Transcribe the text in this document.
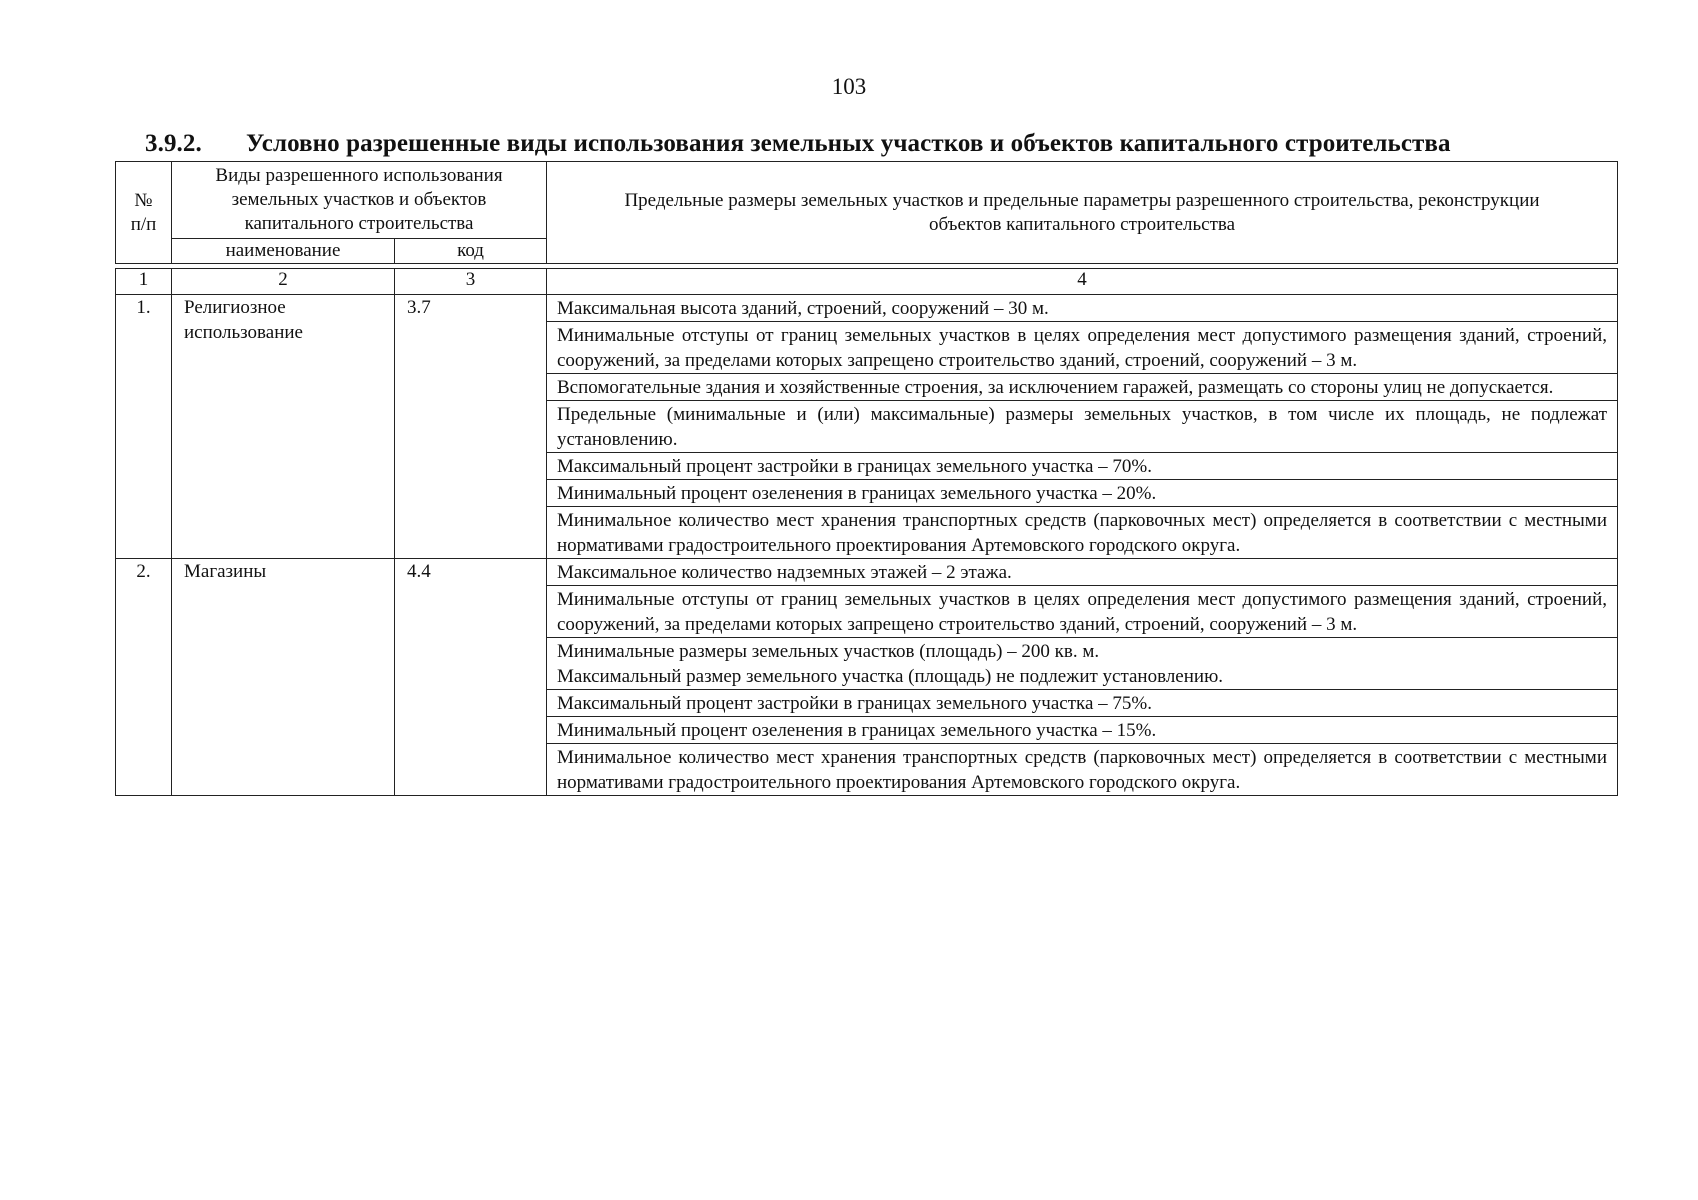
103
3.9.2. Условно разрешенные виды использования земельных участков и объектов капитального строительства
№ п/п	Виды разрешенного использования земельных участков и объектов капитального строительства		Предельные размеры земельных участков и предельные параметры разрешенного строительства, реконструкции объектов капитального строительства
	наименование	код	
1	2	3	4
1.	Религиозное использование	3.7	Максимальная высота зданий, строений, сооружений – 30 м.
			Минимальные отступы от границ земельных участков в целях определения мест допустимого размещения зданий, строений, сооружений, за пределами которых запрещено строительство зданий, строений, сооружений – 3 м.
			Вспомогательные здания и хозяйственные строения, за исключением гаражей, размещать со стороны улиц не допускается.
			Предельные (минимальные и (или) максимальные) размеры земельных участков, в том числе их площадь, не подлежат установлению.
			Максимальный процент застройки в границах земельного участка – 70%.
			Минимальный процент озеленения в границах земельного участка – 20%.
			Минимальное количество мест хранения транспортных средств (парковочных мест) определяется в соответствии с местными нормативами градостроительного проектирования Артемовского городского округа.
2.	Магазины	4.4	Максимальное количество надземных этажей – 2 этажа.
			Минимальные отступы от границ земельных участков в целях определения мест допустимого размещения зданий, строений, сооружений, за пределами которых запрещено строительство зданий, строений, сооружений – 3 м.

			Минимальные размеры земельных участков (площадь) – 200 кв. м.
Максимальный размер земельного участка (площадь) не подлежит установлению.

			Максимальный процент застройки в границах земельного участка – 75%.
			Минимальный процент озеленения в границах земельного участка – 15%.
			Минимальное количество мест хранения транспортных средств (парковочных мест) определяется в соответствии с местными нормативами градостроительного проектирования Артемовского городского округа.
